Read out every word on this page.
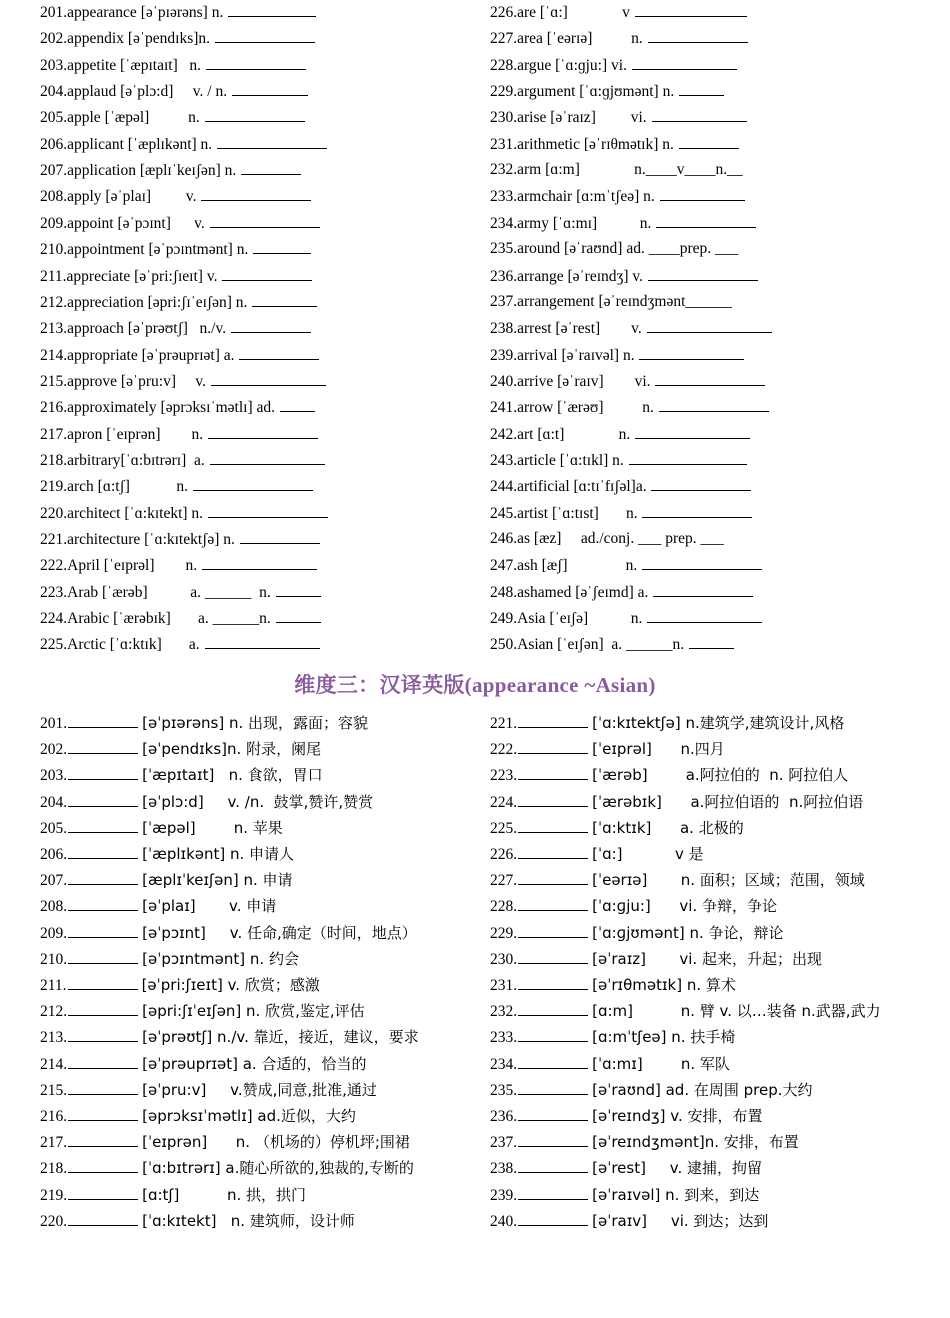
201.appearance [əˈpɪərəns] n.
202.appendix [əˈpendɪks]n.
203.appetite [ˈæpɪtaɪt]   n.
204.applaud [əˈplɔ:d]     v. / n.
205.apple [ˈæpəl]          n.
206.applicant [ˈæplɪkənt] n.
207.application [æplɪˈkeɪʃən] n.
208.apply [əˈplaɪ]         v.
209.appoint [əˈpɔɪnt]      v.
210.appointment [əˈpɔɪntmənt] n.
211.appreciate [əˈpri:ʃɪeɪt] v.
212.appreciation [əpri:ʃɪˈeɪʃən] n.
213.approach [əˈprəʊtʃ]   n./v.
214.appropriate [əˈprəuprɪət] a.
215.approve [əˈpru:v]     v.
216.approximately [əprɔksɪˈmətlɪ] ad.
217.apron [ˈeɪprən]        n.
218.arbitrary[ˈɑ:bɪtrərɪ]  a.
219.arch [ɑ:tʃ]            n.
220.architect [ˈɑ:kɪtekt] n.
221.architecture [ˈɑ:kɪtektʃə] n.
222.April [ˈeɪprəl]        n.
223.Arab [ˈærəb]           a. ______  n.
224.Arabic [ˈærəbɪk]       a. ______n.
225.Arctic [ˈɑ:ktɪk]       a.
226.are [ˈɑ:]              v
227.area [ˈeərɪə]          n.
228.argue [ˈɑ:ɡju:] vi.
229.argument [ˈɑ:ɡjʊmənt] n.
230.arise [əˈraɪz]         vi.
231.arithmetic [əˈrɪθmətɪk] n.
232.arm [ɑ:m]              n.____v____n.__
233.armchair [ɑ:mˈtʃeə] n.
234.army [ˈɑ:mɪ]           n.
235.around [əˈraʊnd] ad. ____prep. ___
236.arrange [əˈreɪndʒ] v.
237.arrangement [əˈreɪndʒmənt______
238.arrest [əˈrest]        v.
239.arrival [əˈraɪvəl] n.
240.arrive [əˈraɪv]        vi.
241.arrow [ˈærəʊ]          n.
242.art [ɑ:t]              n.
243.article [ˈɑ:tɪkl] n.
244.artificial [ɑ:tɪˈfɪʃəl]a.
245.artist [ˈɑ:tɪst]       n.
246.as [æz]     ad./conj. ___ prep. ___
247.ash [æʃ]               n.
248.ashamed [əˈʃeɪmd] a.
249.Asia [ˈeɪʃə]           n.
250.Asian [ˈeɪʃən]  a. ______n.
维度三：汉译英版(appearance ~Asian)
201.	[əˈpɪərəns] n. 出现，露面；容貌
202.	[əˈpendɪks]n. 附录，阑尾
203.	[ˈæpɪtaɪt]   n. 食欲，胃口
204.	[əˈplɔ:d]     v. /n.  鼓掌,赞许,赞赏
205.	[ˈæpəl]        n. 苹果
206.	[ˈæplɪkənt] n. 申请人
207.	[æplɪˈkeɪʃən] n. 申请
208.	[əˈplaɪ]       v. 申请
209.	[əˈpɔɪnt]     v. 任命,确定（时间，地点）
210.	[əˈpɔɪntmənt] n. 约会
211.	[əˈpri:ʃɪeɪt] v. 欣赏；感激
212.	[əpri:ʃɪˈeɪʃən] n. 欣赏,鉴定,评估
213.	[əˈprəʊtʃ] n./v. 靠近，接近，建议，要求
214.	[əˈprəuprɪət] a. 合适的，恰当的
215.	[əˈpru:v]     v.赞成,同意,批准,通过
216.	[əprɔksɪˈmətlɪ] ad.近似，大约
217.	[ˈeɪprən]      n. （机场的）停机坪;围裙
218.	[ˈɑ:bɪtrərɪ] a.随心所欲的,独裁的,专断的
219.	[ɑ:tʃ]          n. 拱，拱门
220.	[ˈɑ:kɪtekt]   n. 建筑师，设计师
221.	[ˈɑ:kɪtektʃə] n.建筑学,建筑设计,风格
222.	[ˈeɪprəl]      n.四月
223.	[ˈærəb]        a.阿拉伯的  n. 阿拉伯人
224.	[ˈærəbɪk]      a.阿拉伯语的  n.阿拉伯语
225.	[ˈɑ:ktɪk]      a. 北极的
226.	[ˈɑ:]           v 是
227.	[ˈeərɪə]       n. 面积；区域；范围，领域
228.	[ˈɑ:ɡju:]      vi. 争辩，争论
229.	[ˈɑ:ɡjʊmənt] n. 争论，辩论
230.	[əˈraɪz]       vi. 起来，升起；出现
231.	[əˈrɪθmətɪk] n. 算术
232.	[ɑ:m]          n. 臂 v. 以…装备 n.武器,武力
233.	[ɑ:mˈtʃeə] n. 扶手椅
234.	[ˈɑ:mɪ]        n. 军队
235.	[əˈraʊnd] ad. 在周围 prep.大约
236.	[əˈreɪndʒ] v. 安排，布置
237.	[əˈreɪndʒmənt]n. 安排，布置
238.	[əˈrest]     v. 逮捕，拘留
239.	[əˈraɪvəl] n. 到来，到达
240.	[əˈraɪv]     vi. 到达；达到
